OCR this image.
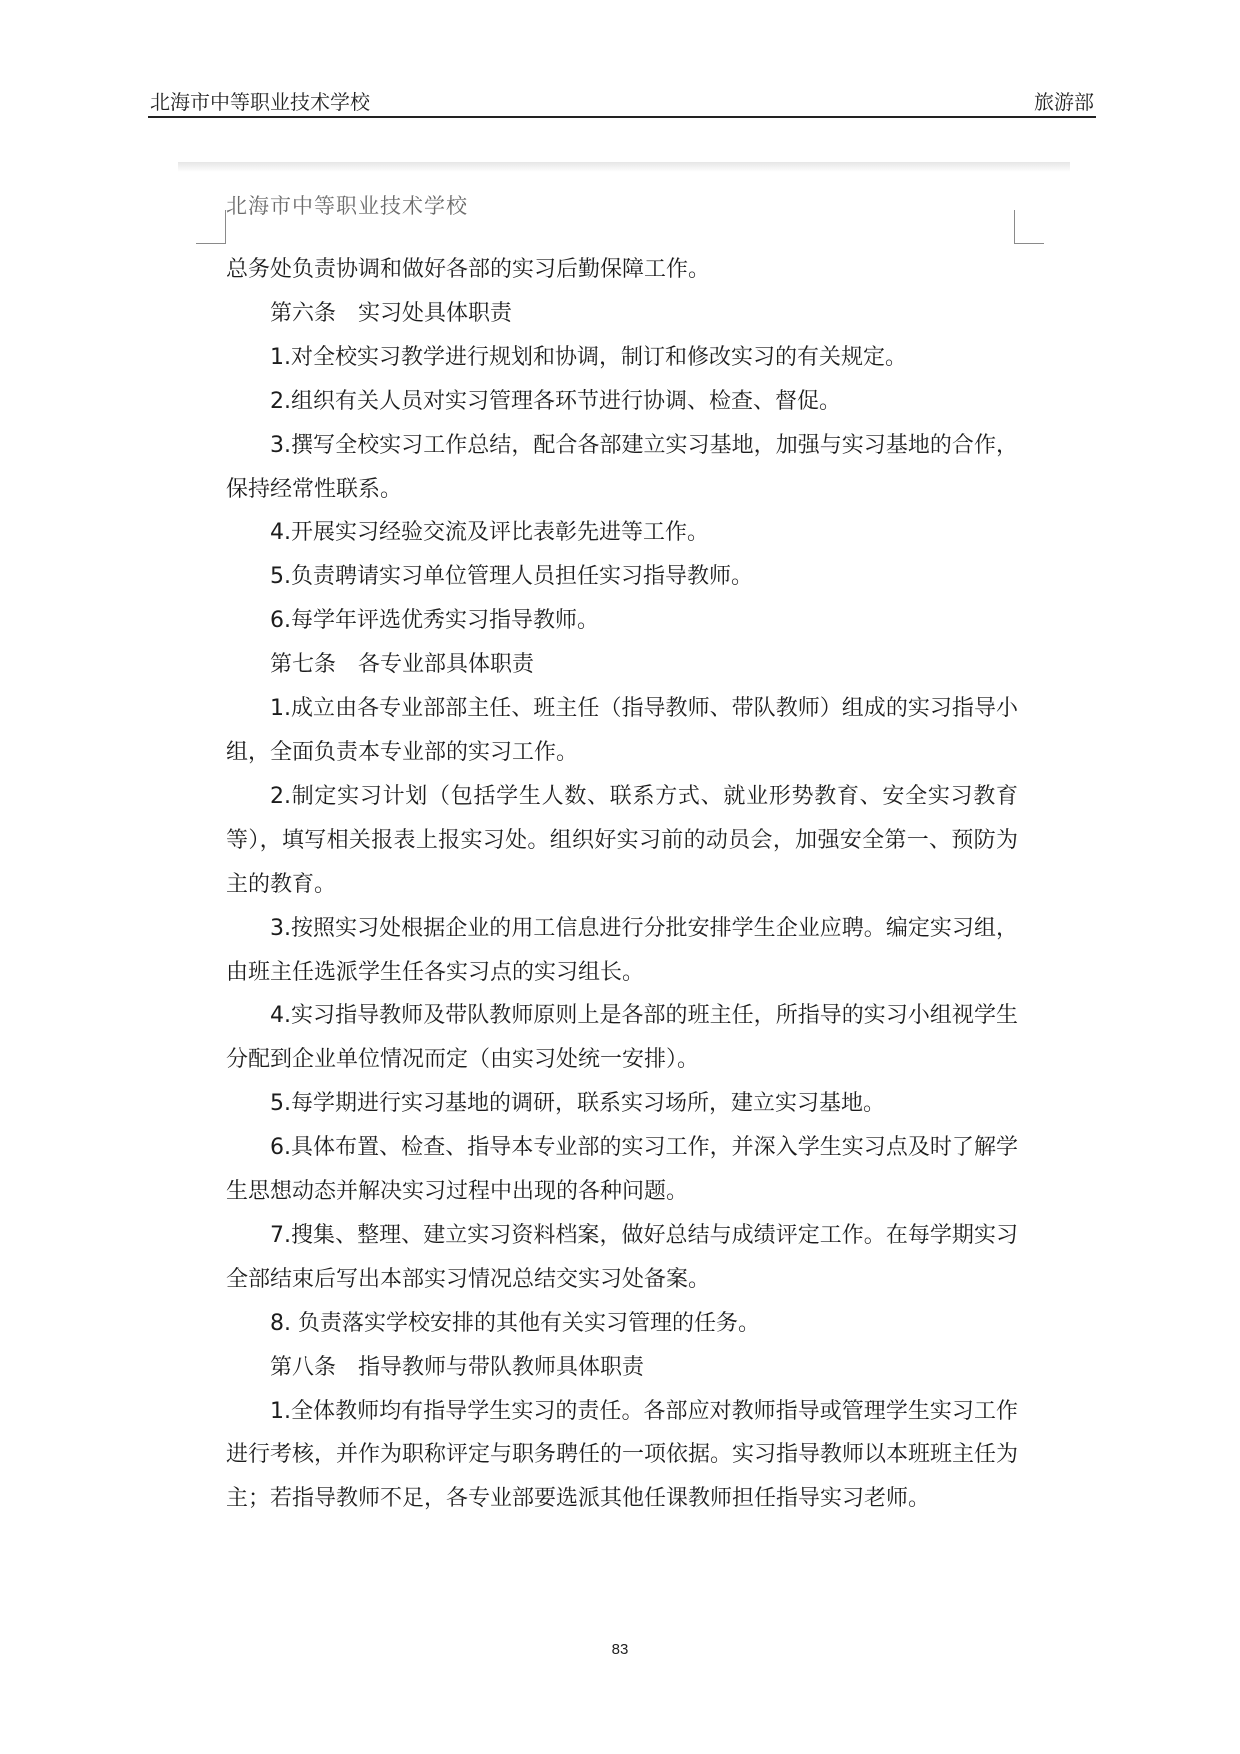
北海市中等职业技术学校	旅游部
北海市中等职业技术学校

总务处负责协调和做好各部的实习后勤保障工作。

第六条　实习处具体职责

1.对全校实习教学进行规划和协调，制订和修改实习的有关规定。

2.组织有关人员对实习管理各环节进行协调、检查、督促。

3.撰写全校实习工作总结，配合各部建立实习基地，加强与实习基地的合作，保持经常性联系。

4.开展实习经验交流及评比表彰先进等工作。

5.负责聘请实习单位管理人员担任实习指导教师。

6.每学年评选优秀实习指导教师。

第七条　各专业部具体职责

1.成立由各专业部部主任、班主任（指导教师、带队教师）组成的实习指导小组，全面负责本专业部的实习工作。

2.制定实习计划（包括学生人数、联系方式、就业形势教育、安全实习教育等），填写相关报表上报实习处。组织好实习前的动员会，加强安全第一、预防为主的教育。

3.按照实习处根据企业的用工信息进行分批安排学生企业应聘。编定实习组，由班主任选派学生任各实习点的实习组长。

4.实习指导教师及带队教师原则上是各部的班主任，所指导的实习小组视学生分配到企业单位情况而定（由实习处统一安排）。

5.每学期进行实习基地的调研，联系实习场所，建立实习基地。

6.具体布置、检查、指导本专业部的实习工作，并深入学生实习点及时了解学生思想动态并解决实习过程中出现的各种问题。

7.搜集、整理、建立实习资料档案，做好总结与成绩评定工作。在每学期实习全部结束后写出本部实习情况总结交实习处备案。

8. 负责落实学校安排的其他有关实习管理的任务。

第八条　指导教师与带队教师具体职责

1.全体教师均有指导学生实习的责任。各部应对教师指导或管理学生实习工作进行考核，并作为职称评定与职务聘任的一项依据。实习指导教师以本班班主任为主；若指导教师不足，各专业部要选派其他任课教师担任指导实习老师。

83
